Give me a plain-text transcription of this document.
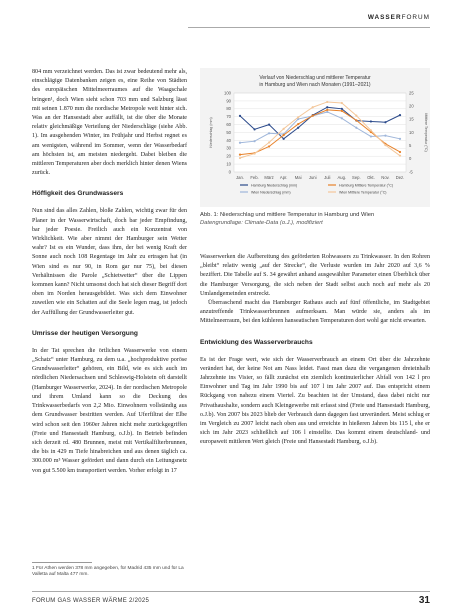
WASSERFORUM

804 mm verzeichnet werden. Das ist zwar bedeutend mehr als, einschlägige Datenbanken zeigen es, eine Reihe von Städten des europäischen Mittelmeerraumes auf die Waagschale bringen¹, doch Wien sieht schon 703 mm und Salzburg lässt mit seinen 1.870 mm die nordische Metropole weit hinter sich. Was an der Hansestadt aber auffällt, ist die über die Monate relativ gleichmäßige Verteilung der Niederschläge (siehe Abb. 1). Im ausgehenden Winter, im Frühjahr und Herbst regnet es am wenigsten, während im Sommer, wenn der Wasserbedarf am höchsten ist, am meisten niedergeht. Dabei bleiben die mittleren Temperaturen aber doch merklich hinter denen Wiens zurück.

Höffigkeit des Grundwassers

Nun sind das alles Zahlen, bloße Zahlen, wichtig zwar für den Planer in der Wasserwirtschaft, doch bar jeder Empfindung, bar jeder Poesie. Freilich auch ein Konzentrat von Wirklichkeit. Wie aber nimmt der Hamburger sein Wetter wahr? Ist es ein Wunder, dass ihm, der bei wenig Kraft der Sonne auch noch 108 Regentage im Jahr zu ertragen hat (in Wien sind es nur 90, in Rom gar nur 75), bei diesen Verhältnissen die Parole „Schietwetter“ über die Lippen kommen kann? Nicht umsonst doch hat sich dieser Begriff dort oben im Norden herausgebildet. Was sich dem Einwohner zuweilen wie ein Schatten auf die Seele legen mag, ist jedoch der Auffüllung der Grundwasserleiter gut.

Umrisse der heutigen Versorgung

In der Tat sprechen die örtlichen Wasserwerke von einem „Schatz“ unter Hamburg, zu dem u.a. „hochproduktive poröse Grundwasserleiter“ gehören, ein Bild, wie es sich auch im nördlichen Niedersachsen und Schleswig-Holstein oft darstellt (Hamburger Wasserwerke, 2024). In der nordischen Metropole und ihrem Umland kann so die Deckung des Trinkwasserbedarfs von 2,2 Mio. Einwohnern vollständig aus dem Grundwasser bestritten werden. Auf Uferfiltrat der Elbe wird schon seit den 1960er Jahren nicht mehr zurückgegriffen (Freie und Hansestadt Hamburg, o.J.b). In Betrieb befinden sich derzeit rd. 480 Brunnen, meist mit Vertikalfilterbrunnen, die bis in 429 m Tiefe hinabreichen und aus denen täglich ca. 300.000 m³ Wasser gefördert und dann durch ein Leitungsnetz von gut 5.500 km transportiert werden. Vorher erfolgt in 17

Verlauf von Niederschlag und mittlerer Temperatur
in Hamburg und Wien nach Monaten (1991–2021)
0
10
20
30
40
50
60
70
80
90
100
-5
0
5
10
15
20
25
Jan. Feb. März Apr. Mai Juni Juli Aug. Sep. Okt. Nov. Dez.
Niederschlag (mm)	Mittlere Temperatur (°C)
Hamburg Niederschlag (mm)
Wien Niederschlag (mm)
Hamburg Mittlere Temperatur (°C)
Wien Mittlere Temperatur (°C)
Abb. 1: Niederschlag und mittlere Temperatur in Hamburg und Wien
Datengrundlage: Climate-Data (o.J.), modifiziert

Wasserwerken die Aufbereitung des geförderten Rohwassers zu Trinkwasser. In den Rohren „bleibt“ relativ wenig „auf der Strecke“, die Verluste wurden im Jahr 2020 auf 3,6 % beziffert. Die Tabelle auf S. 34 gewährt anhand ausgewählter Parameter einen Überblick über die Hamburger Versorgung, die sich neben der Stadt selbst auch noch auf mehr als 20 Umlandgemeinden erstreckt.

Überraschend macht das Hamburger Rathaus auch auf fünf öffentliche, im Stadtgebiet anzutreffende Trinkwasserbrunnen aufmerksam. Man würde sie, anders als im Mittelmeerraum, bei den kühleren hanseatischen Temperaturen dort wohl gar nicht erwarten.

Entwicklung des Wasserverbrauchs

Es ist der Frage wert, wie sich der Wasserverbrauch an einem Ort über die Jahrzehnte verändert hat, der keine Not am Nass leidet. Fasst man dazu die vergangenen dreieinhalb Jahrzehnte ins Visier, so fällt zunächst ein ziemlich kontinuierlicher Abfall von 142 l pro Einwohner und Tag im Jahr 1990 bis auf 107 l im Jahr 2007 auf. Das entspricht einem Rückgang von nahezu einem Viertel. Zu beachten ist der Umstand, dass dabei nicht nur Privathaushalte, sondern auch Kleingewerbe mit erfasst sind (Freie und Hansestadt Hamburg, o.J.b). Von 2007 bis 2023 blieb der Verbrauch dann dagegen fast unverändert. Meist schlug er im Vergleich zu 2007 leicht nach oben aus und erreichte in hießeren Jahren bis 115 l, ehe er sich im Jahr 2023 schließlich auf 106 l einstellte. Das kommt einem deutschland- und europaweit mittleren Wert gleich (Freie und Hansestadt Hamburg, o.J.b).

1 Für Athen werden 378 mm angegeben, für Madrid 435 mm und für La Valletta auf Malta 477 mm.
FORUM GAS WASSER WÄRME 2/2025	31
